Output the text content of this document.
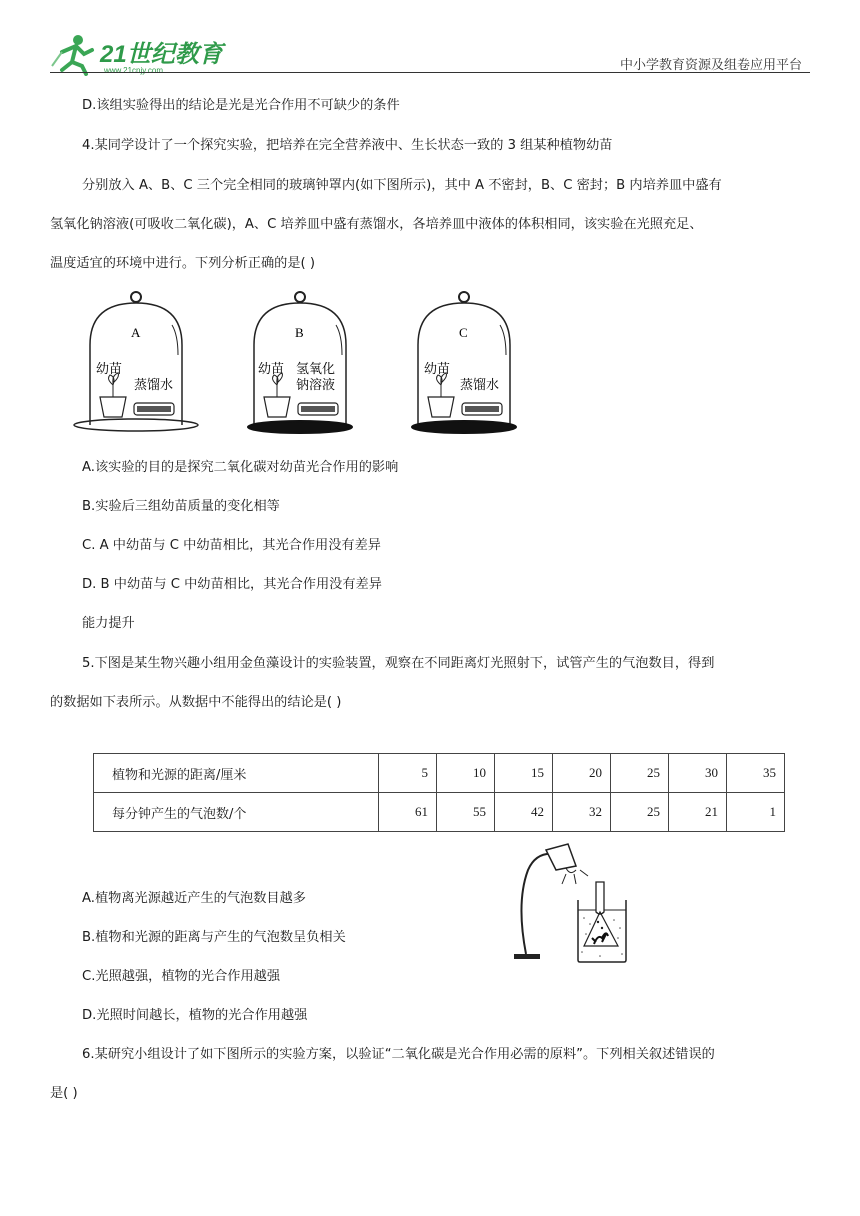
21世纪教育
www.21cnjy.com	中小学教育资源及组卷应用平台
D.该组实验得出的结论是光是光合作用不可缺少的条件
4.某同学设计了一个探究实验，把培养在完全营养液中、生长状态一致的 3 组某种植物幼苗
分别放入 A、B、C 三个完全相同的玻璃钟罩内(如下图所示)，其中 A 不密封，B、C 密封；B 内培养皿中盛有
氢氧化钠溶液(可吸收二氧化碳)，A、C 培养皿中盛有蒸馏水，各培养皿中液体的体积相同，该实验在光照充足、
温度适宜的环境中进行。下列分析正确的是( )
A
幼苗
蒸馏水
B
幼苗 氢氧化
钠溶液
C
幼苗
蒸馏水
A.该实验的目的是探究二氧化碳对幼苗光合作用的影响
B.实验后三组幼苗质量的变化相等
C. A 中幼苗与 C 中幼苗相比，其光合作用没有差异
D. B 中幼苗与 C 中幼苗相比，其光合作用没有差异
能力提升
5.下图是某生物兴趣小组用金鱼藻设计的实验装置，观察在不同距离灯光照射下，试管产生的气泡数目，得到
的数据如下表所示。从数据中不能得出的结论是( )
植物和光源的距离/厘米	5	10	15	20	25	30	35
每分钟产生的气泡数/个	61	55	42	32	25	21	1
A.植物离光源越近产生的气泡数目越多
B.植物和光源的距离与产生的气泡数呈负相关
C.光照越强，植物的光合作用越强
D.光照时间越长，植物的光合作用越强
6.某研究小组设计了如下图所示的实验方案，以验证“二氧化碳是光合作用必需的原料”。下列相关叙述错误的
是( )
